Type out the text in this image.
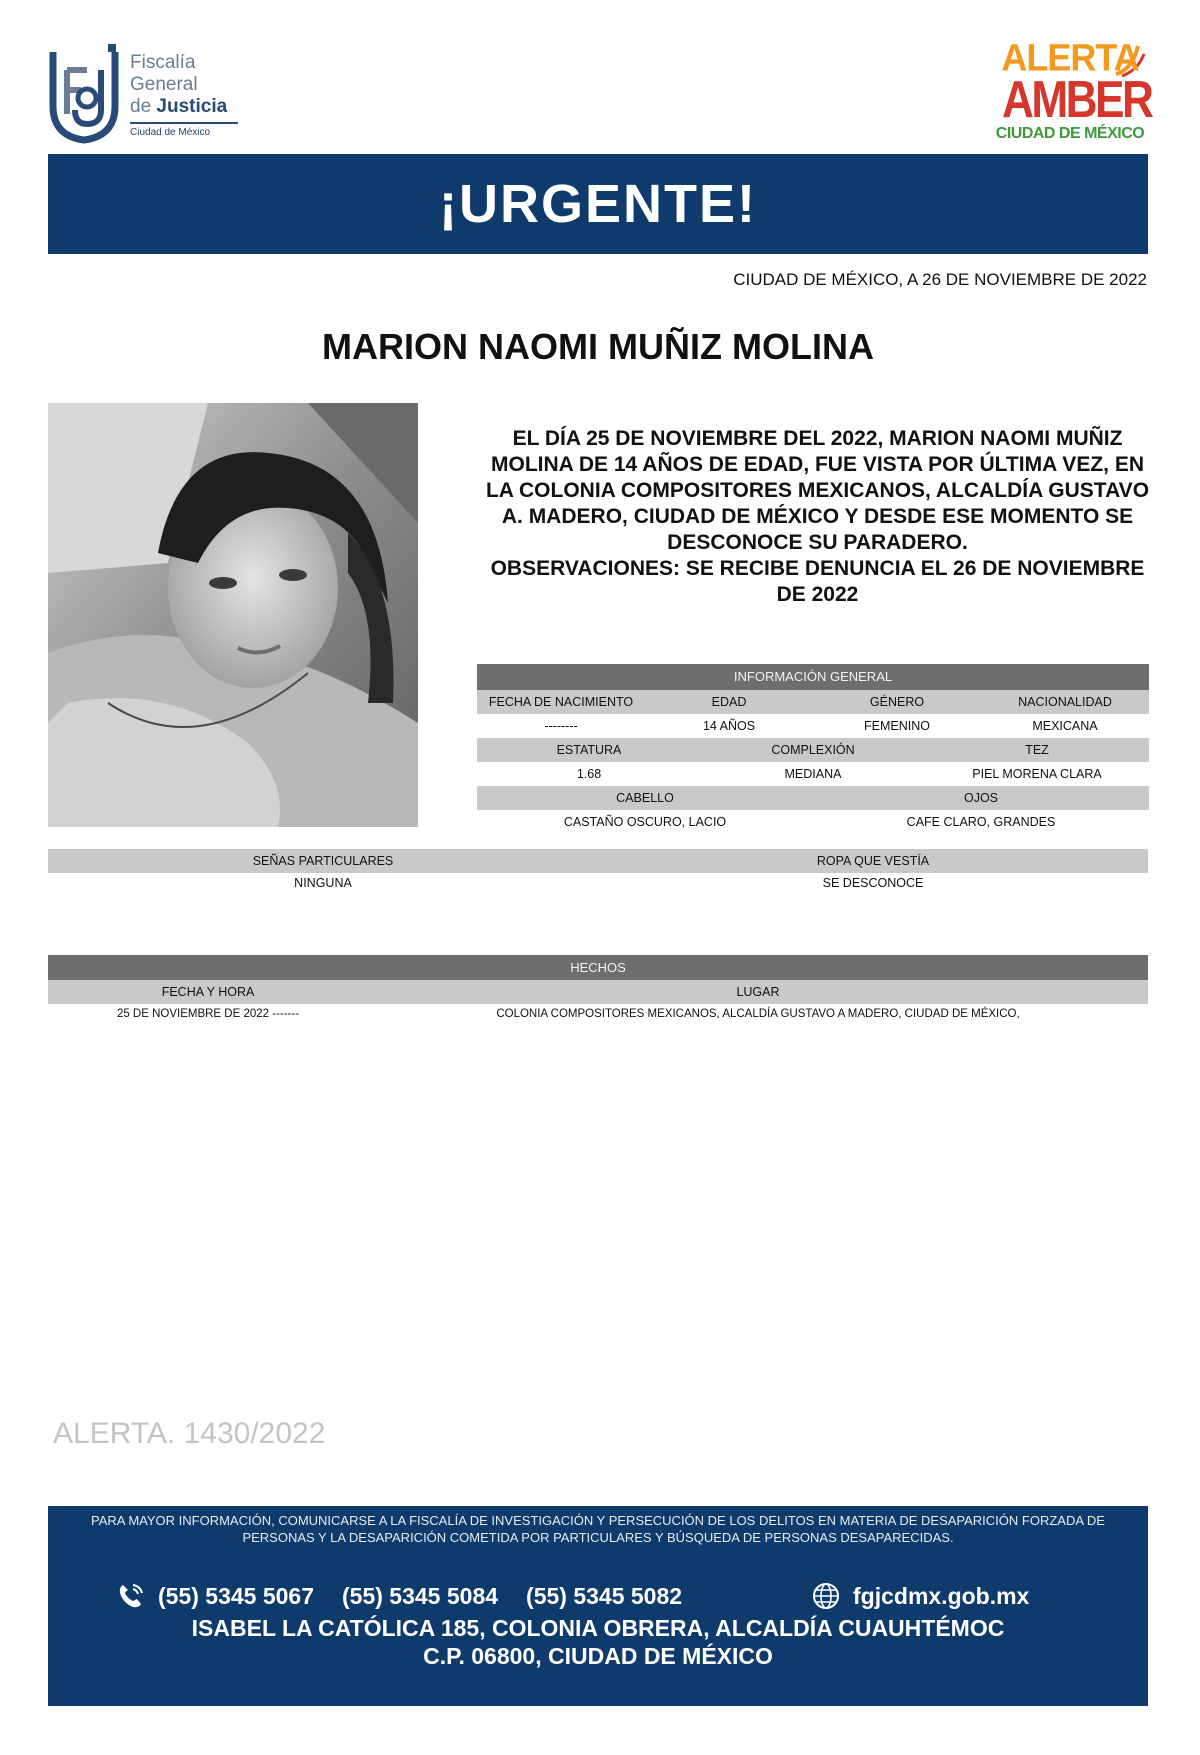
Fiscalía
General
de Justicia
Ciudad de México
ALERTA
AMBER
CIUDAD DE MÉXICO
¡URGENTE!
CIUDAD DE MÉXICO, A 26 DE NOVIEMBRE DE 2022
MARION NAOMI MUÑIZ MOLINA

EL DÍA 25 DE NOVIEMBRE DEL 2022, MARION NAOMI MUÑIZ MOLINA DE 14 AÑOS DE EDAD, FUE VISTA POR ÚLTIMA VEZ, EN LA COLONIA COMPOSITORES MEXICANOS, ALCALDÍA GUSTAVO A. MADERO, CIUDAD DE MÉXICO Y DESDE ESE MOMENTO SE DESCONOCE SU PARADERO.

OBSERVACIONES: SE RECIBE DENUNCIA EL 26 DE NOVIEMBRE DE 2022

INFORMACIÓN GENERAL
FECHA DE NACIMIENTO	EDAD	GÉNERO	NACIONALIDAD
--------	14 AÑOS	FEMENINO	MEXICANA
ESTATURA	COMPLEXIÓN	TEZ
1.68	MEDIANA	PIEL MORENA CLARA
CABELLO	OJOS
CASTAÑO OSCURO, LACIO	CAFE CLARO, GRANDES
SEÑAS PARTICULARES	ROPA QUE VESTÍA
NINGUNA	SE DESCONOCE
HECHOS
FECHA Y HORA	LUGAR
25 DE NOVIEMBRE DE 2022 -------	COLONIA COMPOSITORES MEXICANOS, ALCALDÍA GUSTAVO A MADERO, CIUDAD DE MÉXICO,
ALERTA. 1430/2022
PARA MAYOR INFORMACIÓN, COMUNICARSE A LA FISCALÍA DE INVESTIGACIÓN Y PERSECUCIÓN DE LOS DELITOS EN MATERIA DE DESAPARICIÓN FORZADA DE PERSONAS Y LA DESAPARICIÓN COMETIDA POR PARTICULARES Y BÚSQUEDA DE PERSONAS DESAPARECIDAS.
(55) 5345 5067 (55) 5345 5084 (55) 5345 5082	fgjcdmx.gob.mx
ISABEL LA CATÓLICA 185, COLONIA OBRERA, ALCALDÍA CUAUHTÉMOC
C.P. 06800, CIUDAD DE MÉXICO
